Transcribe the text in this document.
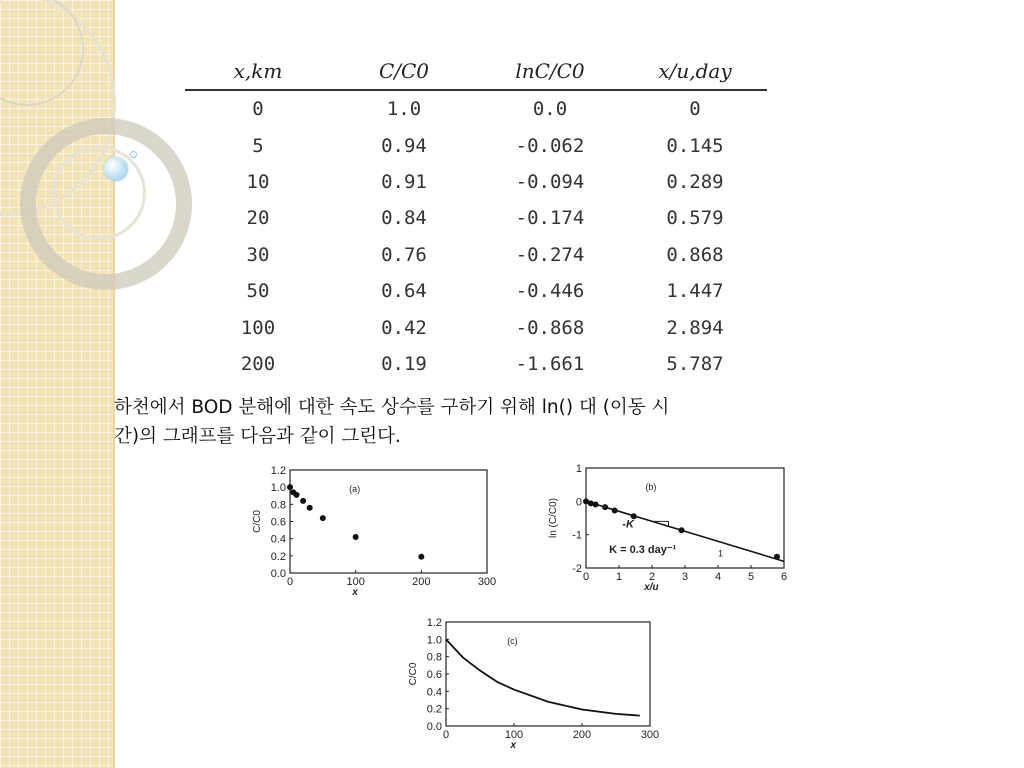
x,km	C/C0	lnC/C0	x/u,day
0	1.0	0.0	0
5	0.94	-0.062	0.145
10	0.91	-0.094	0.289
20	0.84	-0.174	0.579
30	0.76	-0.274	0.868
50	0.64	-0.446	1.447
100	0.42	-0.868	2.894
200	0.19	-1.661	5.787
하천에서 BOD 분해에 대한 속도 상수를 구하기 위해 ln() 대 (이동 시
간)의 그래프를 다음과 같이 그린다.
0	100	200	300
0.0
0.2
0.4
0.6
0.8
1.0
1.2
x
C/C0
(a)
0 1 2 3 4 5 6
-2
-1
0
1
x/u
ln (C/C0)
(b)
-K
K = 0.3 day⁻¹	1
0	100	200	300
0.0
0.2
0.4
0.6
0.8
1.0
1.2
x
C/C0
(c)
